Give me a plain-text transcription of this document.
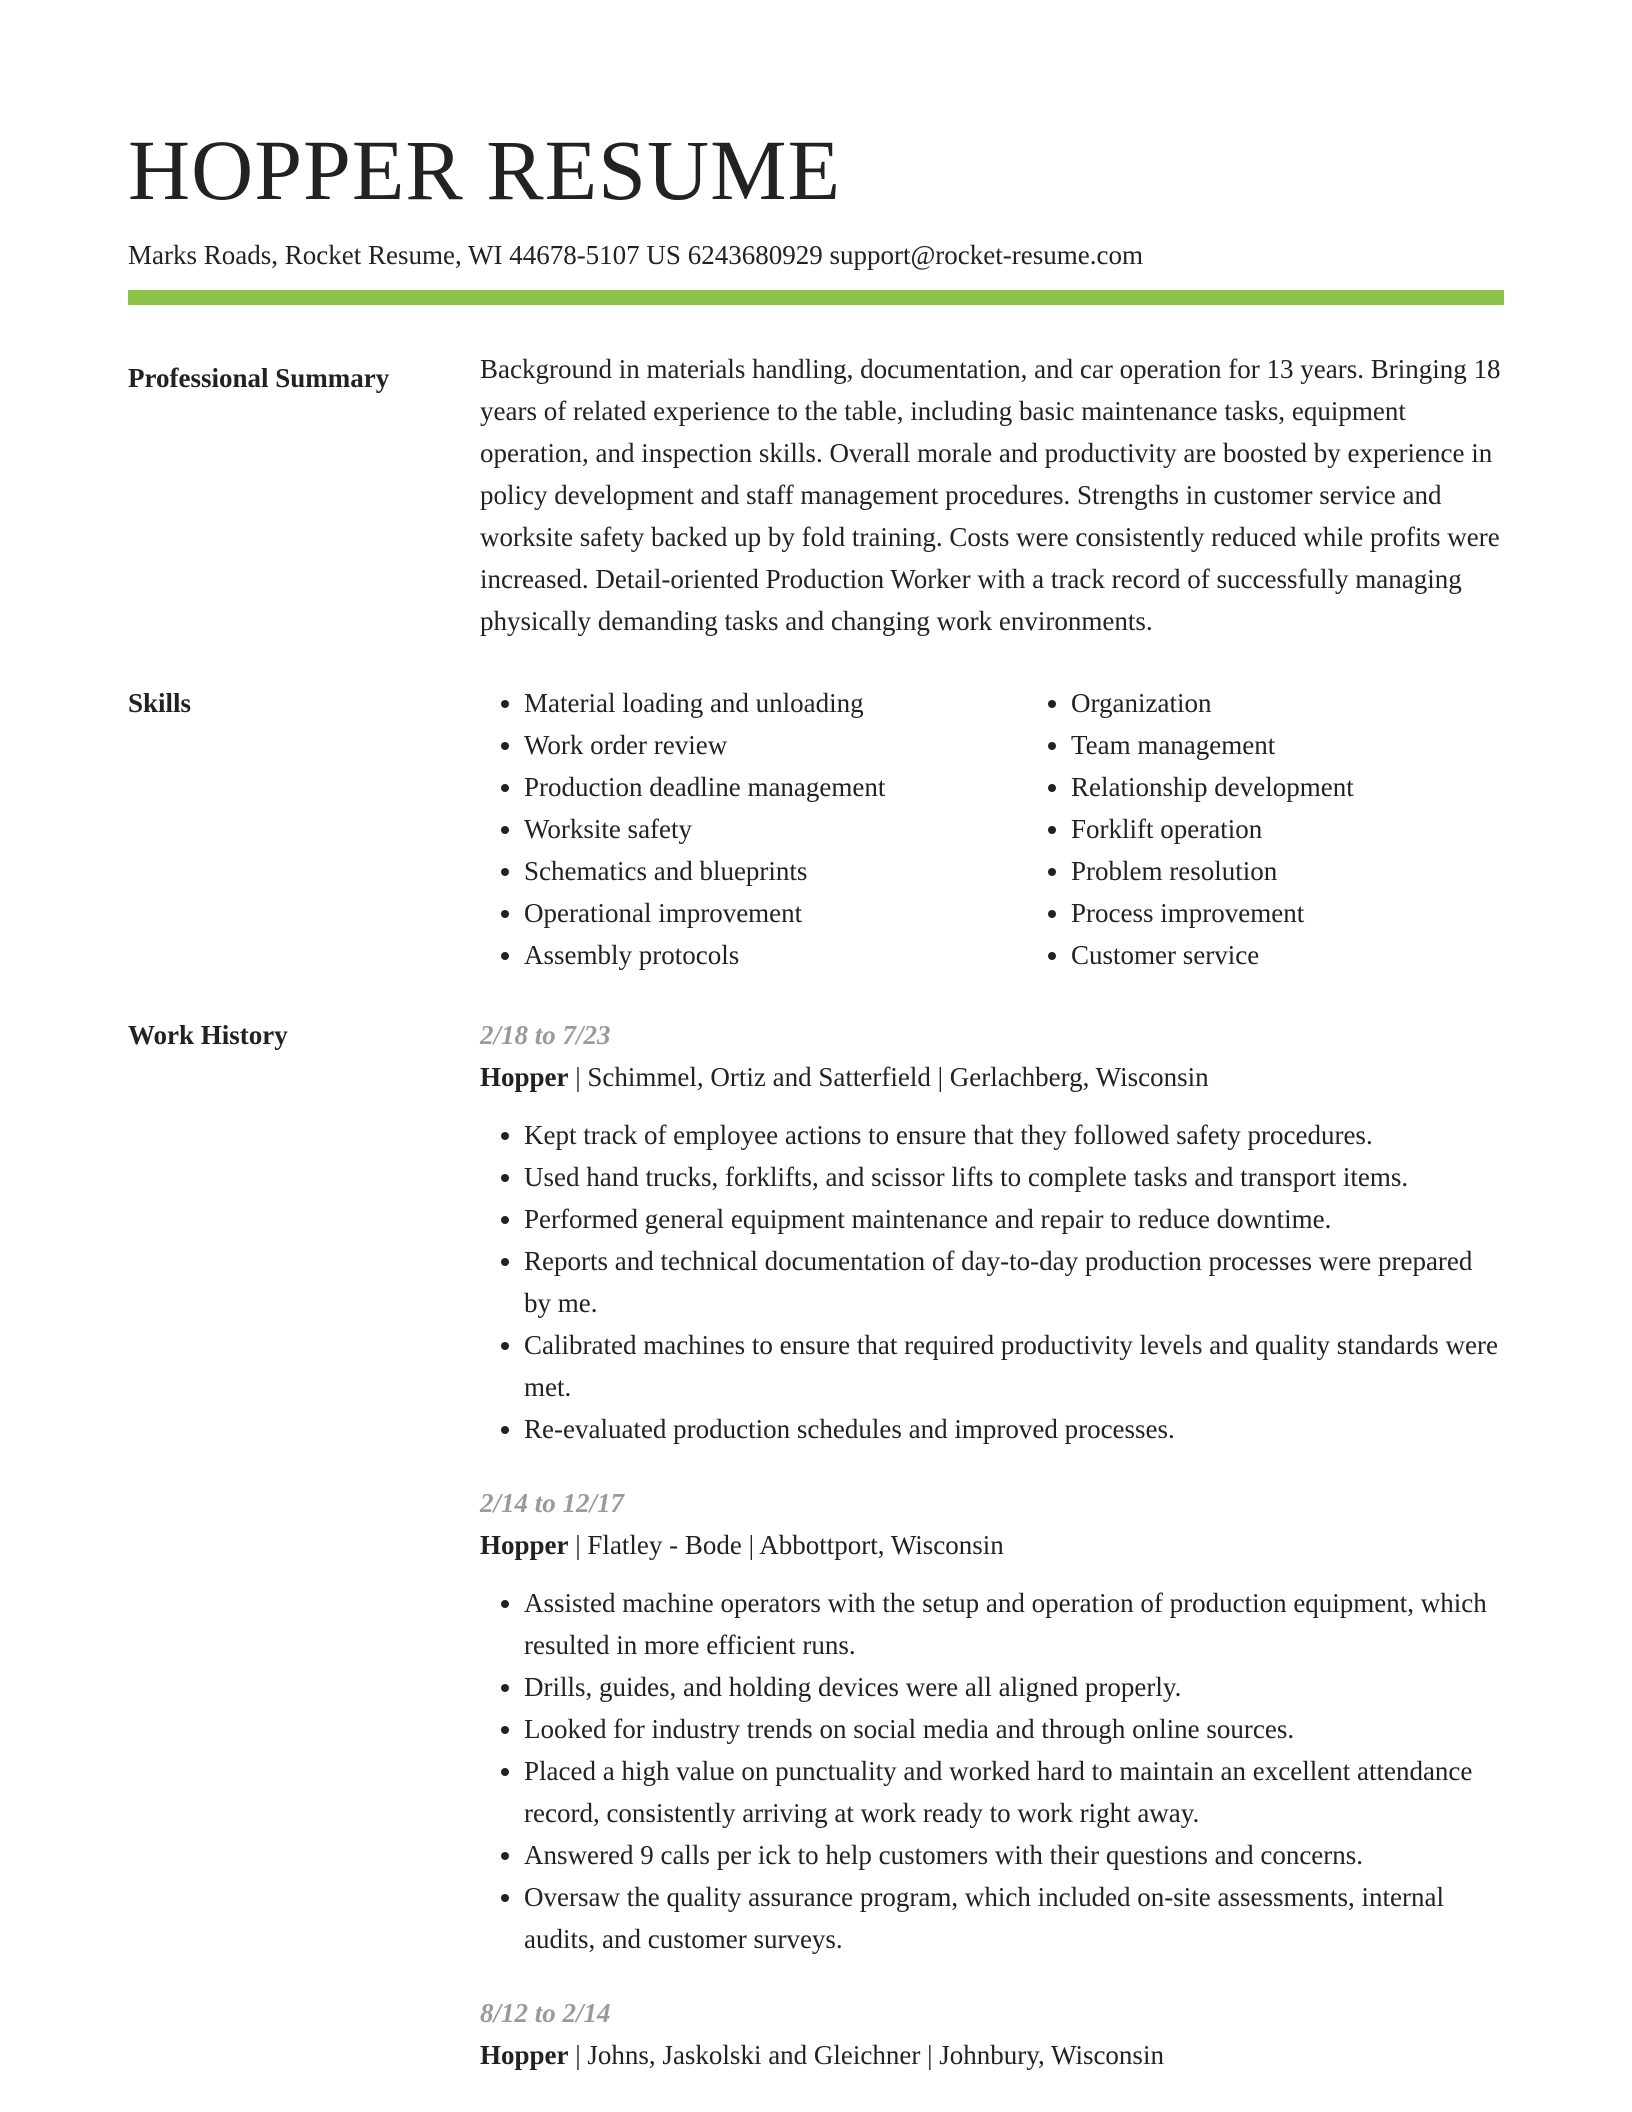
HOPPER RESUME
Marks Roads, Rocket Resume, WI 44678-5107 US 6243680929 support@rocket-resume.com
Professional Summary	Background in materials handling, documentation, and car operation for 13 years. Bringing 18 years of related experience to the table, including basic maintenance tasks, equipment operation, and inspection skills. Overall morale and productivity are boosted by experience in policy development and staff management procedures. Strengths in customer service and worksite safety backed up by fold training. Costs were consistently reduced while profits were increased. Detail-oriented Production Worker with a track record of successfully managing physically demanding tasks and changing work environments.

Skills
•	Material loading and unloading
• Work order review
• Production deadline management
• Worksite safety
• Schematics and blueprints
• Operational improvement
• Assembly protocols
• Organization
• Team management
• Relationship development
• Forklift operation
• Problem resolution
• Process improvement
• Customer service
Work History	2/18 to 7/23
Hopper | Schimmel, Ortiz and Satterfield | Gerlachberg, Wisconsin
• Kept track of employee actions to ensure that they followed safety procedures.
• Used hand trucks, forklifts, and scissor lifts to complete tasks and transport items.
• Performed general equipment maintenance and repair to reduce downtime.
• Reports and technical documentation of day-to-day production processes were prepared by me.
• Calibrated machines to ensure that required productivity levels and quality standards were met.
• Re-evaluated production schedules and improved processes.
2/14 to 12/17
Hopper | Flatley - Bode | Abbottport, Wisconsin
• Assisted machine operators with the setup and operation of production equipment, which resulted in more efficient runs.
• Drills, guides, and holding devices were all aligned properly.
• Looked for industry trends on social media and through online sources.
• Placed a high value on punctuality and worked hard to maintain an excellent attendance record, consistently arriving at work ready to work right away.
• Answered 9 calls per ick to help customers with their questions and concerns.
• Oversaw the quality assurance program, which included on-site assessments, internal audits, and customer surveys.
8/12 to 2/14
Hopper | Johns, Jaskolski and Gleichner | Johnbury, Wisconsin
